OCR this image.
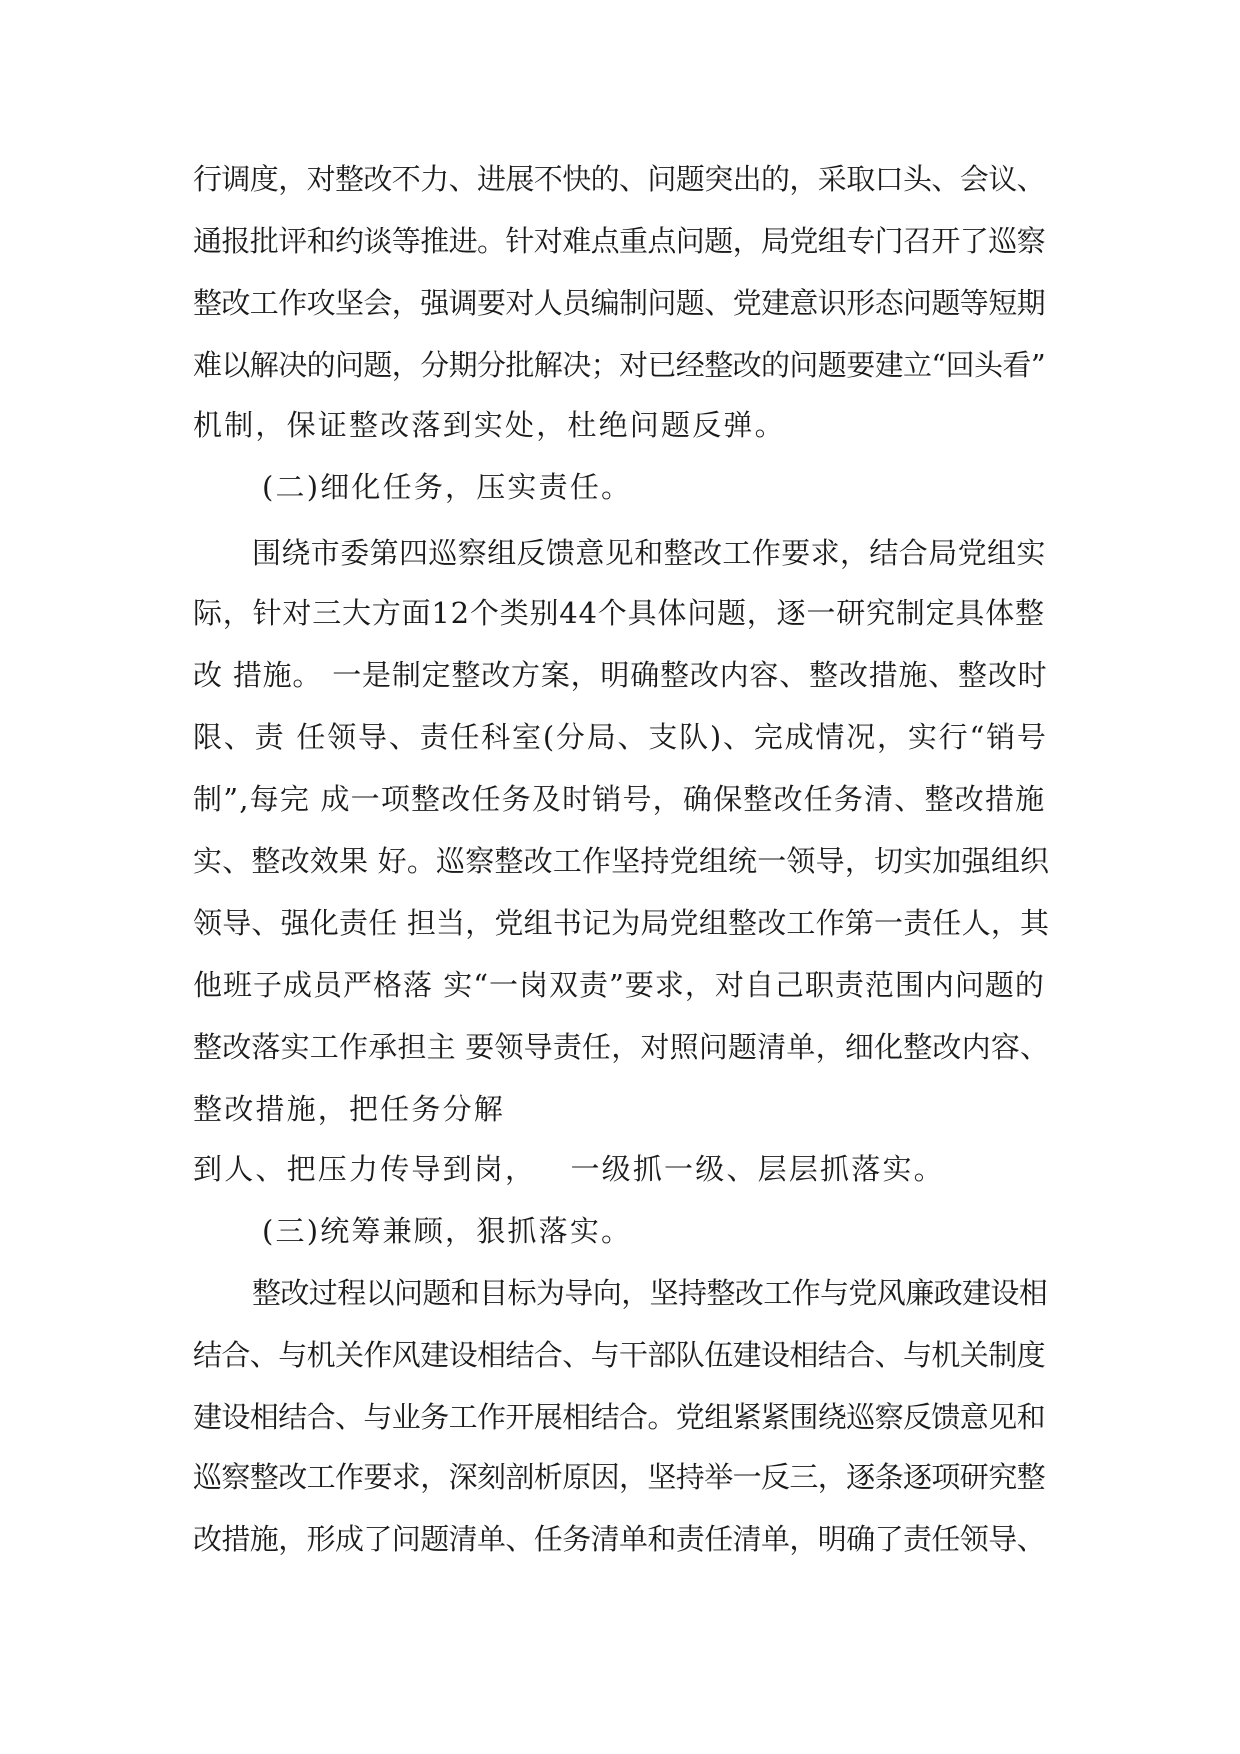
行调度，对整改不力、进展不快的、问题突出的，采取口头、会议、
通报批评和约谈等推进。针对难点重点问题，局党组专门召开了巡察
整改工作攻坚会，强调要对人员编制问题、党建意识形态问题等短期
难以解决的问题，分期分批解决；对已经整改的问题要建立“回头看”
机制，保证整改落到实处，杜绝问题反弹。
(二)细化任务，压实责任。
围绕市委第四巡察组反馈意见和整改工作要求，结合局党组实
际，针对三大方面12个类别44个具体问题，逐一研究制定具体整
改 措施。 一是制定整改方案，明确整改内容、整改措施、整改时
限、责 任领导、责任科室(分局、支队)、完成情况，实行“销号
制”,每完 成一项整改任务及时销号，确保整改任务清、整改措施
实、整改效果 好。巡察整改工作坚持党组统一领导，切实加强组织
领导、强化责任 担当，党组书记为局党组整改工作第一责任人，其
他班子成员严格落 实“一岗双责”要求，对自己职责范围内问题的
整改落实工作承担主 要领导责任，对照问题清单，细化整改内容、
整改措施，把任务分解
到人、把压力传导到岗，   一级抓一级、层层抓落实。
(三)统筹兼顾，狠抓落实。
整改过程以问题和目标为导向，坚持整改工作与党风廉政建设相
结合、与机关作风建设相结合、与干部队伍建设相结合、与机关制度
建设相结合、与业务工作开展相结合。党组紧紧围绕巡察反馈意见和
巡察整改工作要求，深刻剖析原因，坚持举一反三，逐条逐项研究整
改措施，形成了问题清单、任务清单和责任清单，明确了责任领导、
